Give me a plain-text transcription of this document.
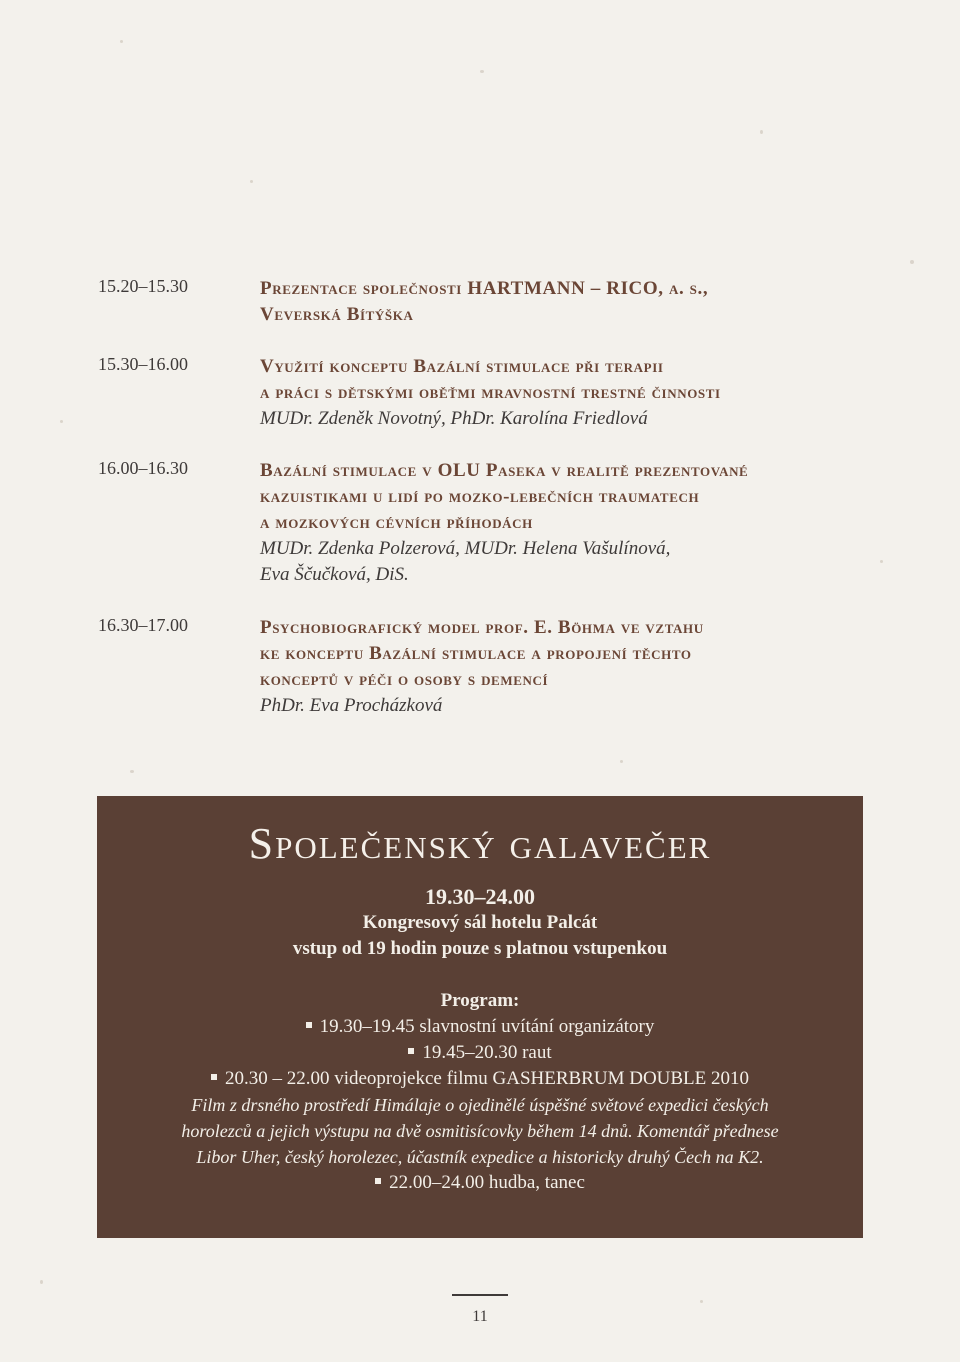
15.20–15.30	Prezentace společnosti HARTMANN – RICO, a. s.,
Veverská Bítýška
15.30–16.00	Využití konceptu Bazální stimulace při terapii
a práci s dětskými oběťmi mravnostní trestné činnosti
MUDr. Zdeněk Novotný, PhDr. Karolína Friedlová
16.00–16.30	Bazální stimulace v OLU Paseka v realitě prezentované
kazuistikami u lidí po mozko-lebečních traumatech
a mozkových cévních příhodách
MUDr. Zdenka Polzerová, MUDr. Helena Vašulínová,
Eva Ščučková, DiS.
16.30–17.00	Psychobiografický model prof. E. Böhma ve vztahu
ke konceptu Bazální stimulace a propojení těchto
konceptů v péči o osoby s demencí
PhDr. Eva Procházková
Společenský galavečer
19.30–24.00
Kongresový sál hotelu Palcát
vstup od 19 hodin pouze s platnou vstupenkou
Program:
19.30–19.45 slavnostní uvítání organizátory
19.45–20.30 raut
20.30 – 22.00 videoprojekce filmu GASHERBRUM DOUBLE 2010
Film z drsného prostředí Himálaje o ojedinělé úspěšné světové expedici českých
horolezců a jejich výstupu na dvě osmitisícovky během 14 dnů. Komentář přednese
Libor Uher, český horolezec, účastník expedice a historicky druhý Čech na K2.
22.00–24.00 hudba, tanec
11
